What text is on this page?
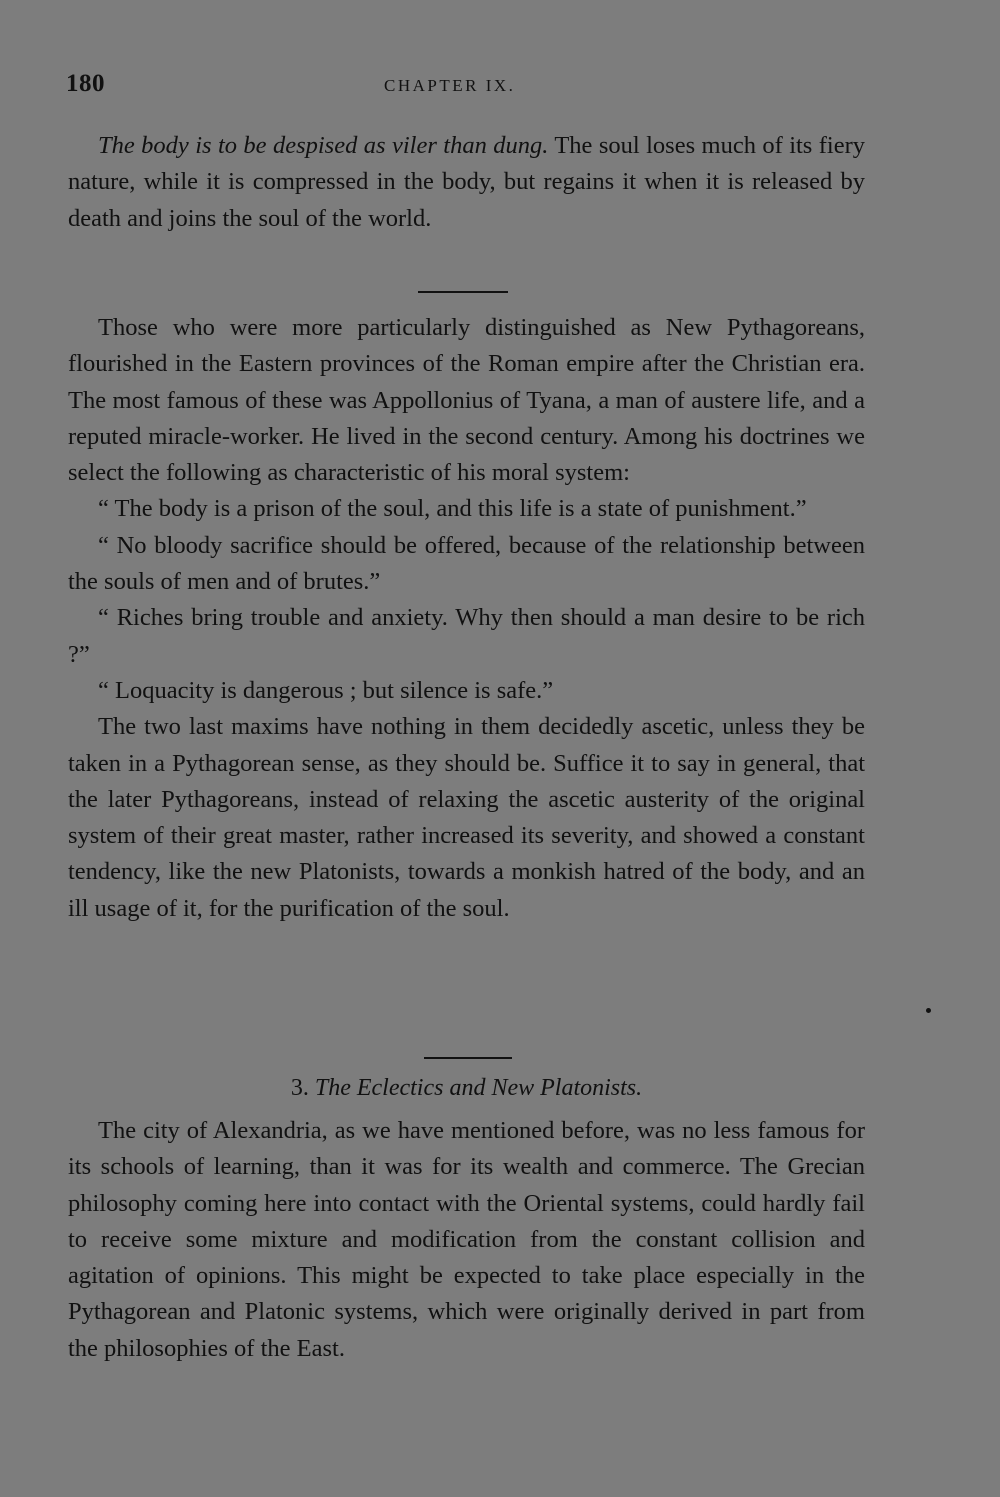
180	CHAPTER IX.

The body is to be despised as viler than dung. The soul loses much of its fiery nature, while it is compressed in the body, but regains it when it is released by death and joins the soul of the world.

Those who were more particularly distinguished as New Pythagoreans, flourished in the Eastern provinces of the Roman empire after the Christian era. The most famous of these was Appollonius of Tyana, a man of austere life, and a reputed miracle-worker. He lived in the second century. Among his doctrines we select the following as characteristic of his moral system:

“ The body is a prison of the soul, and this life is a state of punishment.”

“ No bloody sacrifice should be offered, because of the relationship between the souls of men and of brutes.”

“ Riches bring trouble and anxiety. Why then should a man desire to be rich ?”

“ Loquacity is dangerous ; but silence is safe.”

The two last maxims have nothing in them decidedly ascetic, unless they be taken in a Pythagorean sense, as they should be. Suffice it to say in general, that the later Pythagoreans, instead of relaxing the ascetic austerity of the original system of their great master, rather increased its severity, and showed a constant tendency, like the new Platonists, towards a monkish hatred of the body, and an ill usage of it, for the purification of the soul.

3. The Eclectics and New Platonists.

The city of Alexandria, as we have mentioned before, was no less famous for its schools of learning, than it was for its wealth and commerce. The Grecian philosophy coming here into contact with the Oriental systems, could hardly fail to receive some mixture and modification from the constant collision and agitation of opinions. This might be expected to take place especially in the Pythagorean and Platonic systems, which were originally derived in part from the philosophies of the East.
